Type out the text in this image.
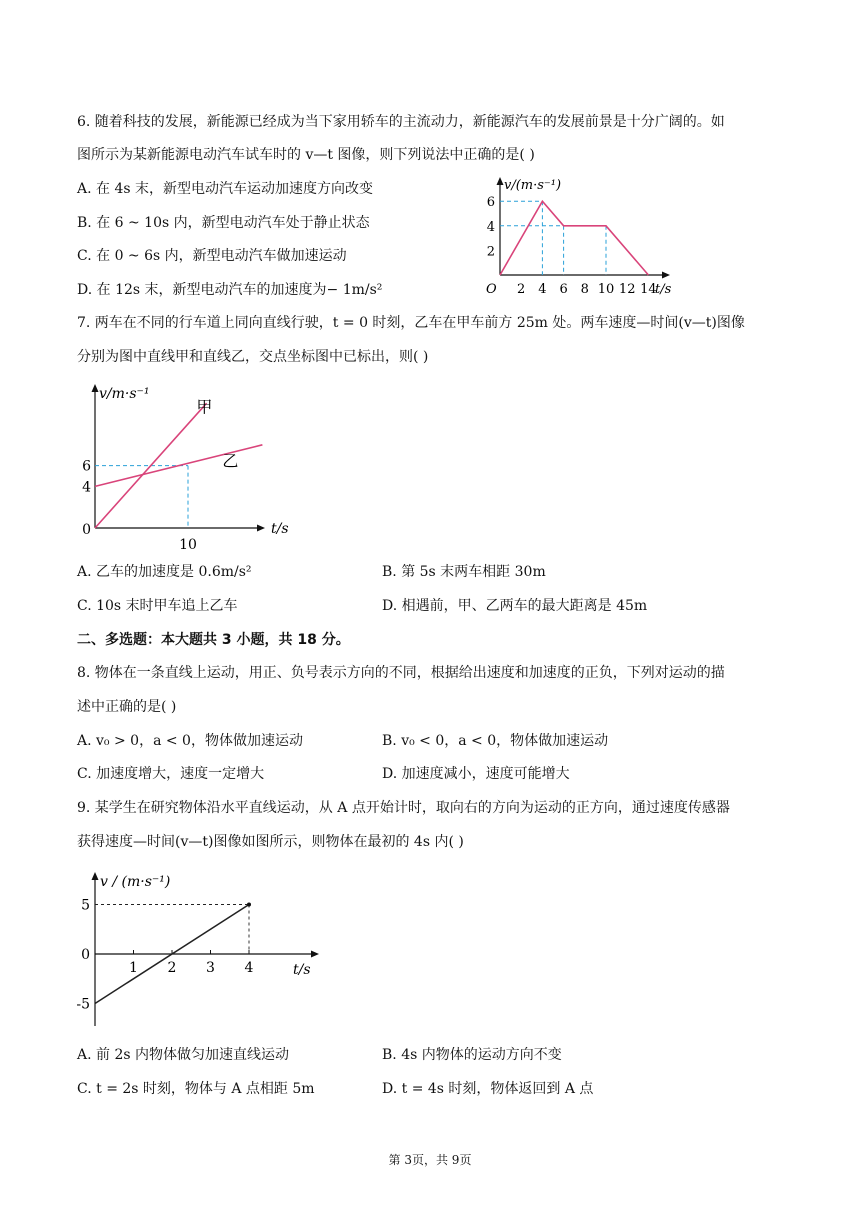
6. 随着科技的发展，新能源已经成为当下家用轿车的主流动力，新能源汽车的发展前景是十分广阔的。如
图所示为某新能源电动汽车试车时的 v—t 图像，则下列说法中正确的是( )
A. 在 4s 末，新型电动汽车运动加速度方向改变
B. 在 6 ~ 10s 内，新型电动汽车处于静止状态
C. 在 0 ~ 6s 内，新型电动汽车做加速运动
D. 在 12s 末，新型电动汽车的加速度为− 1m/s²
v/(m·s⁻¹)
t/s
O 2 4 6 8 10 12 14
2
4
6
7. 两车在不同的行车道上同向直线行驶，t = 0 时刻，乙车在甲车前方 25m 处。两车速度—时间(v—t)图像
分别为图中直线甲和直线乙，交点坐标图中已标出，则( )
v/m·s⁻¹
t/s
0
10
4
6
甲
乙
A. 乙车的加速度是 0.6m/s²	B. 第 5s 末两车相距 30m
C. 10s 末时甲车追上乙车	D. 相遇前，甲、乙两车的最大距离是 45m
二、多选题：本大题共 3 小题，共 18 分。
8. 物体在一条直线上运动，用正、负号表示方向的不同，根据给出速度和加速度的正负，下列对运动的描
述中正确的是( )
A. v₀ > 0，a < 0，物体做加速运动	B. v₀ < 0，a < 0，物体做加速运动
C. 加速度增大，速度一定增大	D. 加速度减小，速度可能增大
9. 某学生在研究物体沿水平直线运动，从 A 点开始计时，取向右的方向为运动的正方向，通过速度传感器
获得速度—时间(v—t)图像如图所示，则物体在最初的 4s 内( )
v / (m·s⁻¹)
t/s
0
1 2 3 4
5
-5
A. 前 2s 内物体做匀加速直线运动	B. 4s 内物体的运动方向不变
C. t = 2s 时刻，物体与 A 点相距 5m	D. t = 4s 时刻，物体返回到 A 点
第 3页，共 9页
